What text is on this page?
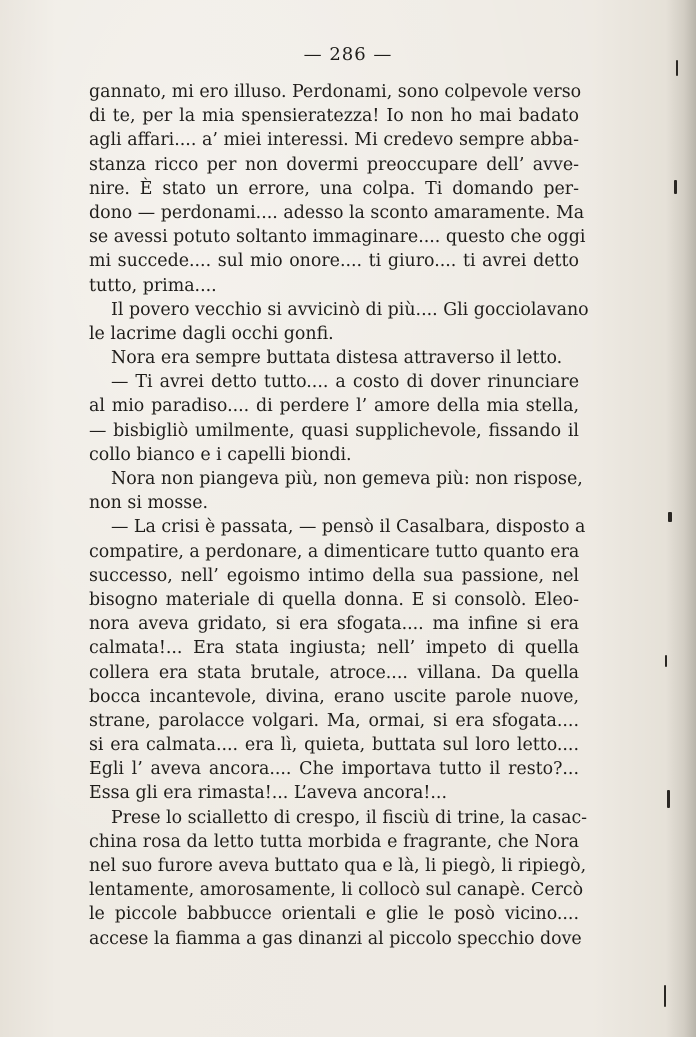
— 286 —
gannato, mi ero illuso. Perdonami, sono colpevole verso
di te, per la mia spensieratezza! Io non ho mai badato
agli affari.... a’ miei interessi. Mi credevo sempre abba-
stanza ricco per non dovermi preoccupare dell’ avve-
nire. È stato un errore, una colpa. Ti domando per-
dono — perdonami.... adesso la sconto amaramente. Ma
se avessi potuto soltanto immaginare.... questo che oggi
mi succede.... sul mio onore.... ti giuro.... ti avrei detto
tutto, prima....
Il povero vecchio si avvicinò di più.... Gli gocciolavano
le lacrime dagli occhi gonfi.
Nora era sempre buttata distesa attraverso il letto.
— Ti avrei detto tutto.... a costo di dover rinunciare
al mio paradiso.... di perdere l’ amore della mia stella,
— bisbigliò umilmente, quasi supplichevole, fissando il
collo bianco e i capelli biondi.
Nora non piangeva più, non gemeva più: non rispose,
non si mosse.
— La crisi è passata, — pensò il Casalbara, disposto a
compatire, a perdonare, a dimenticare tutto quanto era
successo, nell’ egoismo intimo della sua passione, nel
bisogno materiale di quella donna. E si consolò. Eleo-
nora aveva gridato, si era sfogata.... ma infine si era
calmata!... Era stata ingiusta; nell’ impeto di quella
collera era stata brutale, atroce.... villana. Da quella
bocca incantevole, divina, erano uscite parole nuove,
strane, parolacce volgari. Ma, ormai, si era sfogata....
si era calmata.... era lì, quieta, buttata sul loro letto....
Egli l’ aveva ancora.... Che importava tutto il resto?...
Essa gli era rimasta!... L’aveva ancora!...
Prese lo scialletto di crespo, il fisciù di trine, la casac-
china rosa da letto tutta morbida e fragrante, che Nora
nel suo furore aveva buttato qua e là, li piegò, li ripiegò,
lentamente, amorosamente, li collocò sul canapè. Cercò
le piccole babbucce orientali e glie le posò vicino....
accese la fiamma a gas dinanzi al piccolo specchio dove
